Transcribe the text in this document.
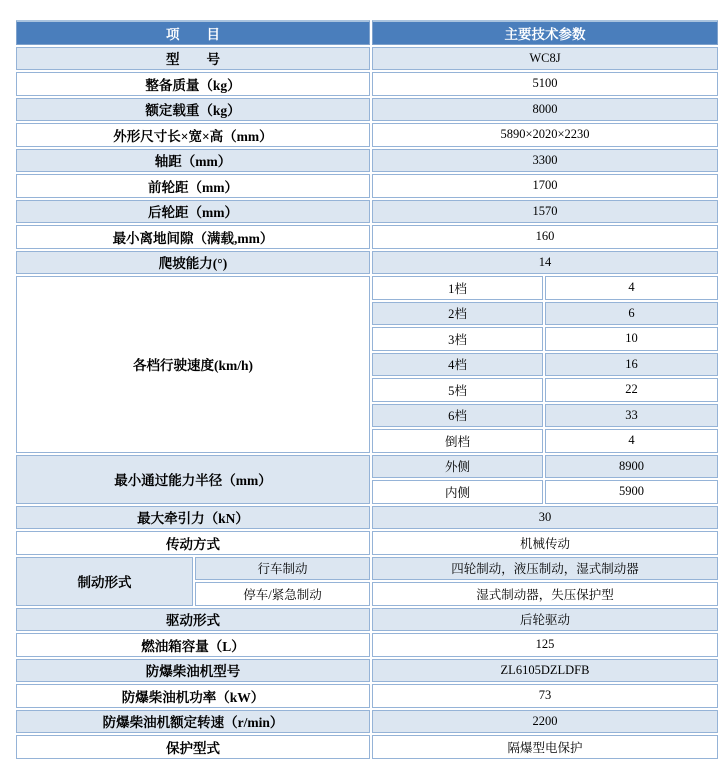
项　　目		主要技术参数	
型　　号		WC8J	
整备质量（kg）		5100	
额定载重（kg）		8000	
外形尺寸长×宽×高（mm）		5890×2020×2230	
轴距（mm）		3300	
前轮距（mm）		1700	
后轮距（mm）		1570	
最小离地间隙（满载,mm）		160	
爬坡能力(°)		14	
各档行驶速度(km/h)		1档	4
		2档	6
		3档	10
		4档	16
		5档	22
		6档	33
		倒档	4
最小通过能力半径（mm）		外侧	8900
		内侧	5900
最大牵引力（kN）		30	
传动方式		机械传动	
制动形式	行车制动	四轮制动，液压制动，湿式制动器	
	停车/紧急制动	湿式制动器，失压保护型	
驱动形式		后轮驱动	
燃油箱容量（L）		125	
防爆柴油机型号		ZL6105DZLDFB	
防爆柴油机功率（kW）		73	
防爆柴油机额定转速（r/min）		2200	
保护型式		隔爆型电保护	
